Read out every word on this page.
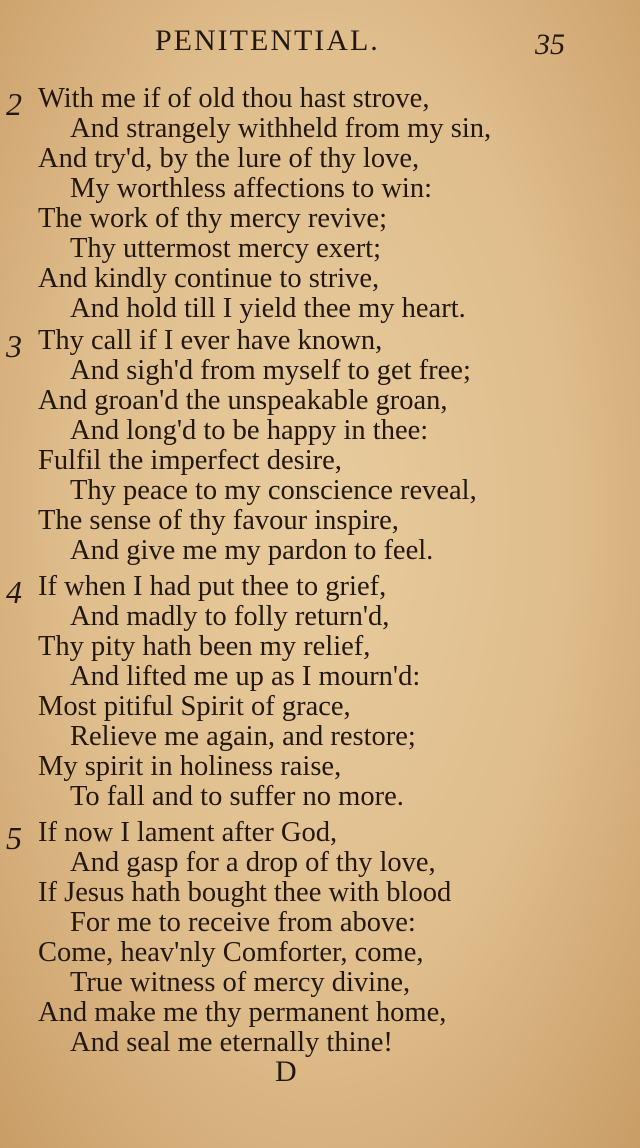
PENITENTIAL.	35
2 With me if of old thou hast strove,
And strangely withheld from my sin,
And try'd, by the lure of thy love,
My worthless affections to win:
The work of thy mercy revive;
Thy uttermost mercy exert;
And kindly continue to strive,
And hold till I yield thee my heart.
3 Thy call if I ever have known,
And sigh'd from myself to get free;
And groan'd the unspeakable groan,
And long'd to be happy in thee:
Fulfil the imperfect desire,
Thy peace to my conscience reveal,
The sense of thy favour inspire,
And give me my pardon to feel.
4 If when I had put thee to grief,
And madly to folly return'd,
Thy pity hath been my relief,
And lifted me up as I mourn'd:
Most pitiful Spirit of grace,
Relieve me again, and restore;
My spirit in holiness raise,
To fall and to suffer no more.
5 If now I lament after God,
And gasp for a drop of thy love,
If Jesus hath bought thee with blood
For me to receive from above:
Come, heav'nly Comforter, come,
True witness of mercy divine,
And make me thy permanent home,
And seal me eternally thine!
D
